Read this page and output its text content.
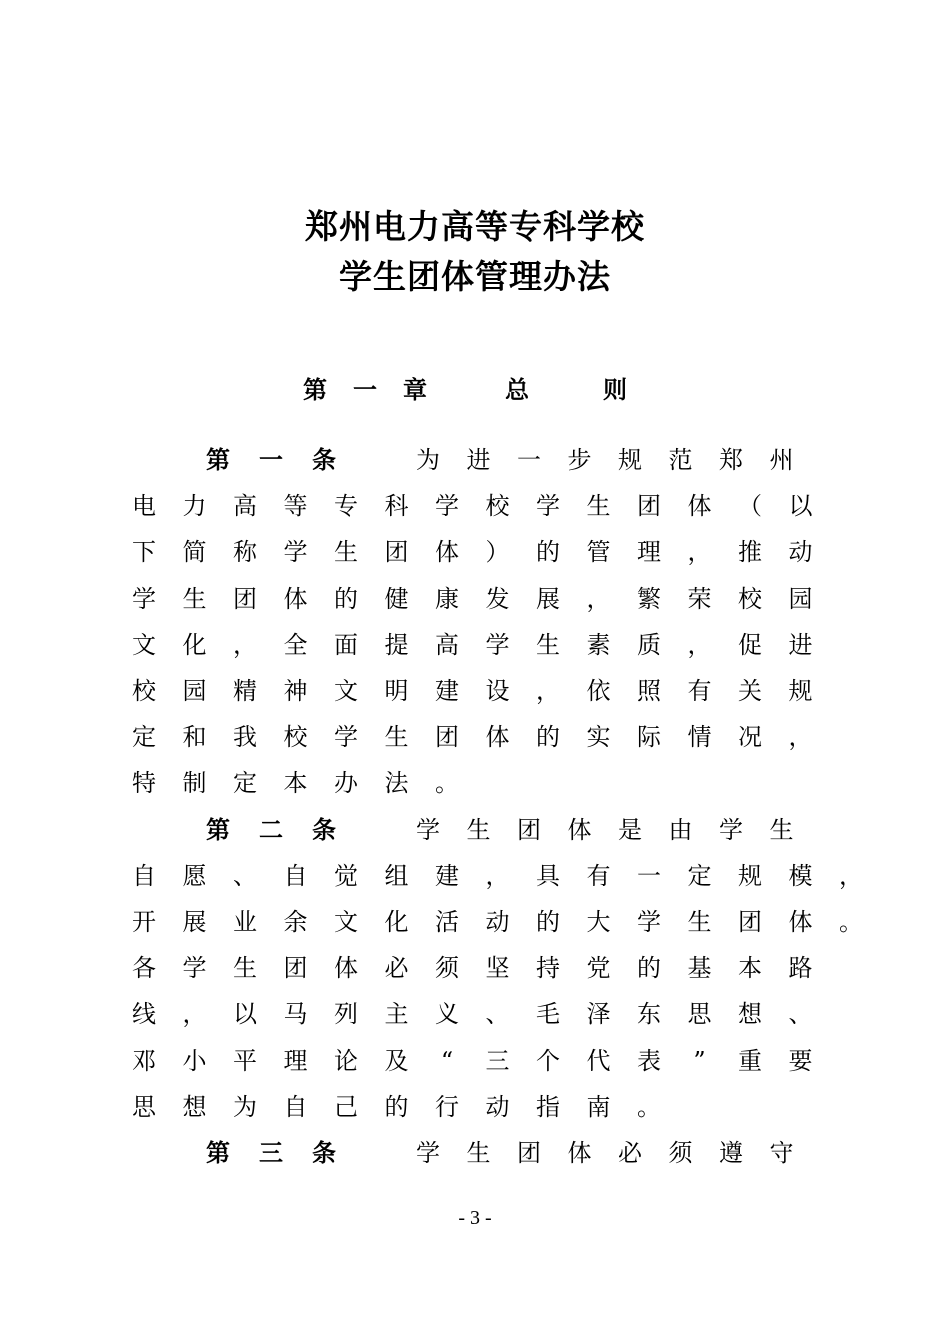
郑州电力高等专科学校
学生团体管理办法
第 一 章	总	则
第 一 条	为 进 一 步 规 范 郑 州
电 力 高 等 专 科 学 校 学 生 团 体 （ 以
下 简 称 学 生 团 体 ） 的 管 理 ， 推 动
学 生 团 体 的 健 康 发 展 ， 繁 荣 校 园
文 化 ， 全 面 提 高 学 生 素 质 ， 促 进
校 园 精 神 文 明 建 设 ， 依 照 有 关 规
定 和 我 校 学 生 团 体 的 实 际 情 况 ，
特 制 定 本 办 法 。
第 二 条	学 生 团 体 是 由 学 生
自 愿 、 自 觉 组 建 ， 具 有 一 定 规 模 ，
开 展 业 余 文 化 活 动 的 大 学 生 团 体 。
各 学 生 团 体 必 须 坚 持 党 的 基 本 路
线 ， 以 马 列 主 义 、 毛 泽 东 思 想 、
邓 小 平 理 论 及	“	三 个 代 表	”	重 要
思 想 为 自 己 的 行 动 指 南 。
第 三 条	学 生 团 体 必 须 遵 守
- 3 -
